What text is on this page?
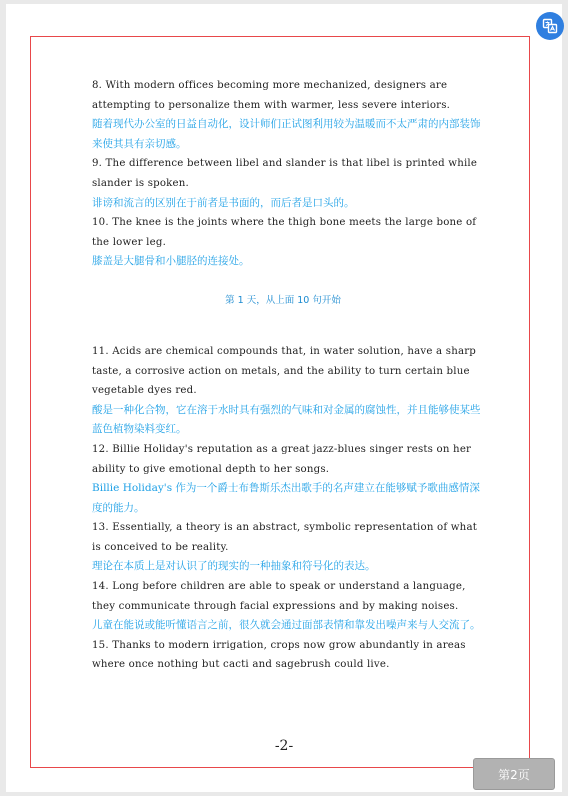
8. With modern offices becoming more mechanized, designers are attempting to personalize them with warmer, less severe interiors.
随着现代办公室的日益自动化，设计师们正试图利用较为温暖而不太严肃的内部装饰来使其具有亲切感。
9. The difference between libel and slander is that libel is printed while slander is spoken.
诽谤和流言的区别在于前者是书面的，而后者是口头的。
10. The knee is the joints where the thigh bone meets the large bone of the lower leg.
膝盖是大腿骨和小腿胫的连接处。
第 1 天，从上面 10 句开始
11. Acids are chemical compounds that, in water solution, have a sharp taste, a corrosive action on metals, and the ability to turn certain blue vegetable dyes red.
酸是一种化合物，它在溶于水时具有强烈的气味和对金属的腐蚀性，并且能够使某些蓝色植物染料变红。
12. Billie Holiday's reputation as a great jazz-blues singer rests on her ability to give emotional depth to her songs.
Billie Holiday's 作为一个爵士布鲁斯乐杰出歌手的名声建立在能够赋予歌曲感情深度的能力。
13. Essentially, a theory is an abstract, symbolic representation of what is conceived to be reality.
理论在本质上是对认识了的现实的一种抽象和符号化的表达。
14. Long before children are able to speak or understand a language, they communicate through facial expressions and by making noises.
儿童在能说或能听懂语言之前，很久就会通过面部表情和靠发出噪声来与人交流了。
15. Thanks to modern irrigation, crops now grow abundantly in areas where once nothing but cacti and sagebrush could live.
-2-
第2页
